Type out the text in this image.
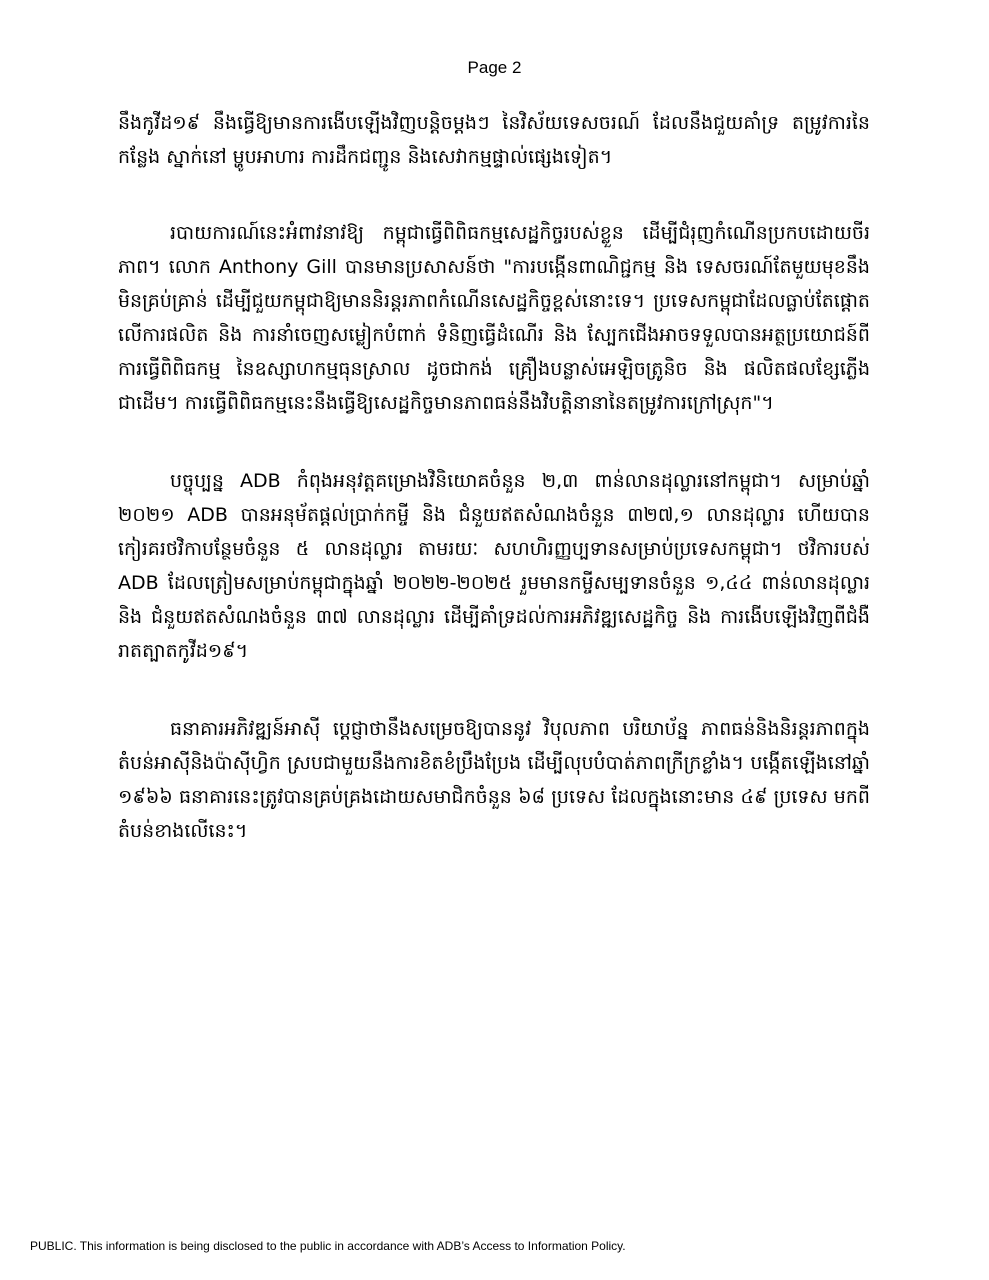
Page 2

នឹងកូវីដ១៩ នឹងធ្វើឱ្យមានការងើបឡើងវិញបន្តិចម្ដងៗ នៃវិស័យទេសចរណ៍ ដែលនឹងជួយគាំទ្រ តម្រូវការនៃកន្លែង ស្នាក់នៅ ម្ហូបអាហារ ការដឹកជញ្ជូន និងសេវាកម្មផ្ទាល់ផ្សេងទៀត។

របាយការណ៍នេះអំពាវនាវឱ្យ កម្ពុជាធ្វើពិពិធកម្មសេដ្ឋកិច្ចរបស់ខ្លួន ដើម្បីជំរុញកំណើនប្រកបដោយចីរភាព។ លោក Anthony Gill បានមានប្រសាសន៍ថា "ការបង្កើនពាណិជ្ជកម្ម និង ទេសចរណ៍តែមួយមុខនឹងមិនគ្រប់គ្រាន់ ដើម្បីជួយកម្ពុជាឱ្យមាននិរន្តរភាពកំណើនសេដ្ឋកិច្ចខ្ពស់នោះទេ។ ប្រទេសកម្ពុជាដែលធ្លាប់តែផ្ដោតលើការផលិត និង ការនាំចេញសម្លៀកបំពាក់ ទំនិញធ្វើដំណើរ និង ស្បែកជើងអាចទទួលបានអត្ថប្រយោជន៍ពីការធ្វើពិពិធកម្ម នៃឧស្សាហកម្មធុនស្រាល ដូចជាកង់ គ្រឿងបន្លាស់អេឡិចត្រូនិច និង ផលិតផលខ្សែភ្លើងជាដើម។ ការធ្វើពិពិធកម្មនេះនឹងធ្វើឱ្យសេដ្ឋកិច្ចមានភាពធន់នឹងវិបត្តិនានានៃតម្រូវការក្រៅស្រុក"។

បច្ចុប្បន្ន ADB កំពុងអនុវត្តគម្រោងវិនិយោគចំនួន ២,៣ ពាន់លានដុល្លារនៅកម្ពុជា។ សម្រាប់ឆ្នាំ ២០២១ ADB បានអនុម័តផ្ដល់ប្រាក់កម្ចី និង ជំនួយឥតសំណងចំនួន ៣២៧,១ លានដុល្លារ ហើយបានកៀរគរថវិកាបន្ថែមចំនួន ៥ លានដុល្លារ តាមរយៈ សហហិរញ្ញប្បទានសម្រាប់ប្រទេសកម្ពុជា។ ថវិការបស់ ADB ដែលត្រៀមសម្រាប់កម្ពុជាក្នុងឆ្នាំ ២០២២-២០២៥ រួមមានកម្ចីសម្បទានចំនួន ១,៤៤ ពាន់លានដុល្លារ និង ជំនួយឥតសំណងចំនួន ៣៧ លានដុល្លារ ដើម្បីគាំទ្រដល់ការអភិវឌ្ឍសេដ្ឋកិច្ច និង ការងើបឡើងវិញពីជំងឺរាតត្បាតកូវីដ១៩។

ធនាគារអភិវឌ្ឍន៍អាស៊ី ប្ដេជ្ញាថានឹងសម្រេចឱ្យបាននូវ វិបុលភាព បរិយាប័ន្ន ភាពធន់និងនិរន្តរភាពក្នុងតំបន់អាស៊ីនិងប៉ាស៊ីហ្វិក ស្របជាមួយនឹងការខិតខំប្រឹងប្រែង ដើម្បីលុបបំបាត់ភាពក្រីក្រខ្លាំង។ បង្កើតឡើងនៅឆ្នាំ ១៩៦៦ ធនាគារនេះត្រូវបានគ្រប់គ្រងដោយសមាជិកចំនួន ៦៨ ប្រទេស ដែលក្នុងនោះមាន ៤៩ ប្រទេស មកពីតំបន់ខាងលើនេះ។

PUBLIC. This information is being disclosed to the public in accordance with ADB’s Access to Information Policy.
